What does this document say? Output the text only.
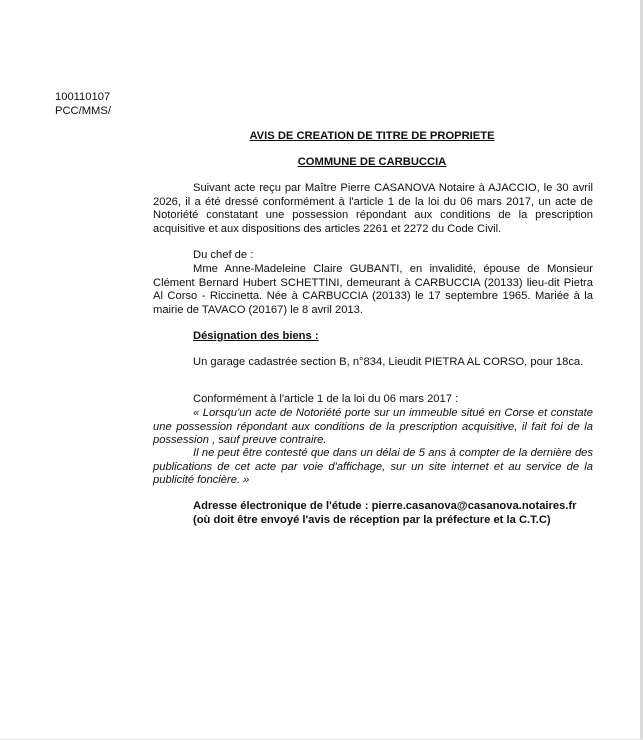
100110107
PCC/MMS/
AVIS DE CREATION DE TITRE DE PROPRIETE
COMMUNE DE CARBUCCIA
Suivant acte reçu par Maître Pierre CASANOVA Notaire à AJACCIO, le 30 avril 2026, il a été dressé conformément à l'article 1 de la loi du 06 mars 2017, un acte de Notoriété constatant une possession répondant aux conditions de la prescription acquisitive et aux dispositions des articles 2261 et 2272 du Code Civil.
Du chef de :
Mme Anne-Madeleine Claire GUBANTI, en invalidité, épouse de Monsieur Clément Bernard Hubert SCHETTINI, demeurant à CARBUCCIA (20133) lieu-dit Pietra Al Corso - Riccinetta. Née à CARBUCCIA (20133) le 17 septembre 1965. Mariée à la mairie de TAVACO (20167) le 8 avril 2013.
Désignation des biens :
Un garage cadastrée section B, n°834, Lieudit PIETRA AL CORSO, pour 18ca.
Conformément à l'article 1 de la loi du 06 mars 2017 :
« Lorsqu'un acte de Notoriété porte sur un immeuble situé en Corse et constate une possession répondant aux conditions de la prescription acquisitive, il fait foi de la possession , sauf preuve contraire.
Il ne peut être contesté que dans un délai de 5 ans à compter de la dernière des publications de cet acte par voie d'affichage, sur un site internet et au service de la publicité foncière. »
Adresse électronique de l'étude : pierre.casanova@casanova.notaires.fr
(où doit être envoyé l'avis de réception par la préfecture et la C.T.C)
